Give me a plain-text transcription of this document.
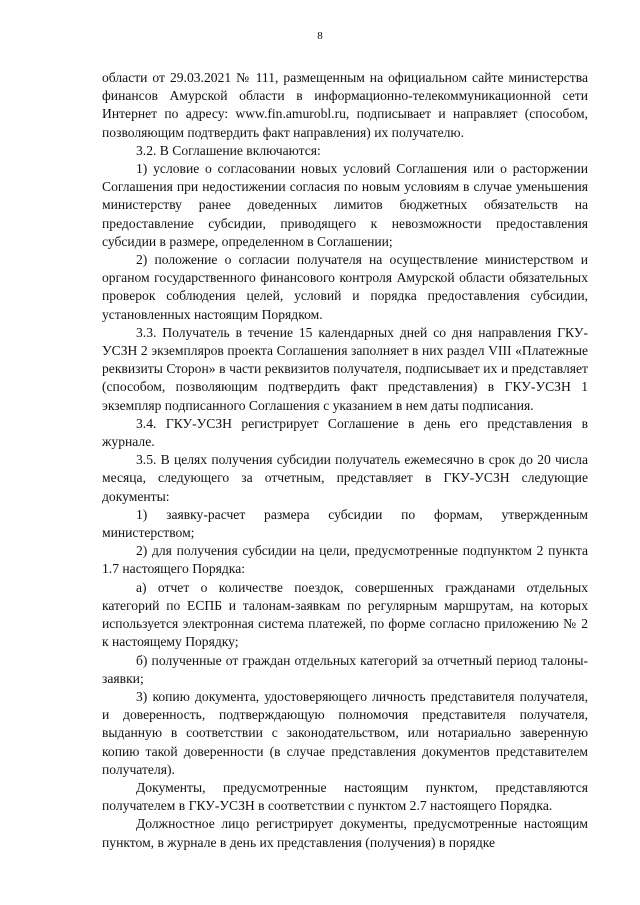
8

области от 29.03.2021 № 111, размещенным на официальном сайте министерства финансов Амурской области в информационно-телекоммуникационной сети Интернет по адресу: www.fin.amurobl.ru, подписывает и направляет (способом, позволяющим подтвердить факт направления) их получателю.

3.2. В Соглашение включаются:

1) условие о согласовании новых условий Соглашения или о расторжении Соглашения при недостижении согласия по новым условиям в случае уменьшения министерству ранее доведенных лимитов бюджетных обязательств на предоставление субсидии, приводящего к невозможности предоставления субсидии в размере, определенном в Соглашении;

2) положение о согласии получателя на осуществление министерством и органом государственного финансового контроля Амурской области обязательных проверок соблюдения целей, условий и порядка предоставления субсидии, установленных настоящим Порядком.

3.3. Получатель в течение 15 календарных дней со дня направления ГКУ-УСЗН 2 экземпляров проекта Соглашения заполняет в них раздел VIII «Платежные реквизиты Сторон» в части реквизитов получателя, подписывает их и представляет (способом, позволяющим подтвердить факт представления) в ГКУ-УСЗН 1 экземпляр подписанного Соглашения с указанием в нем даты подписания.

3.4. ГКУ-УСЗН регистрирует Соглашение в день его представления в журнале.

3.5. В целях получения субсидии получатель ежемесячно в срок до 20 числа месяца, следующего за отчетным, представляет в ГКУ-УСЗН следующие документы:

1) заявку-расчет размера субсидии по формам, утвержденным министерством;

2) для получения субсидии на цели, предусмотренные подпунктом 2 пункта 1.7 настоящего Порядка:

а) отчет о количестве поездок, совершенных гражданами отдельных категорий по ЕСПБ и талонам-заявкам по регулярным маршрутам, на которых используется электронная система платежей, по форме согласно приложению № 2 к настоящему Порядку;

б) полученные от граждан отдельных категорий за отчетный период талоны-заявки;

3) копию документа, удостоверяющего личность представителя получателя, и доверенность, подтверждающую полномочия представителя получателя, выданную в соответствии с законодательством, или нотариально заверенную копию такой доверенности (в случае представления документов представителем получателя).

Документы, предусмотренные настоящим пунктом, представляются получателем в ГКУ-УСЗН в соответствии с пунктом 2.7 настоящего Порядка.

Должностное лицо регистрирует документы, предусмотренные настоящим пунктом, в журнале в день их представления (получения) в порядке
